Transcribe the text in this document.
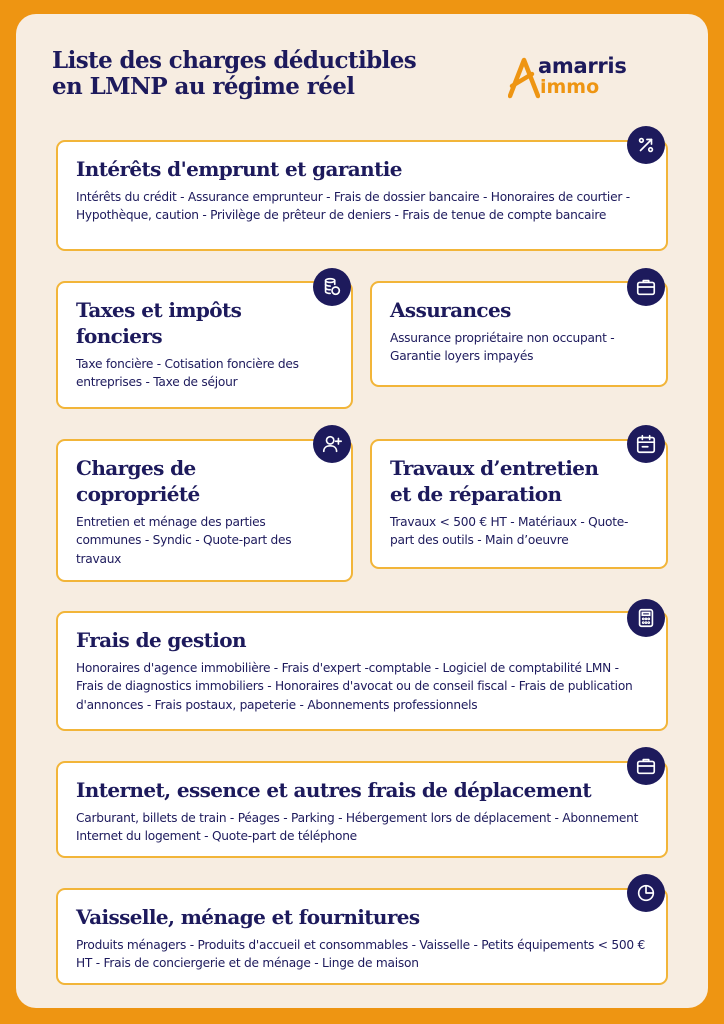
Liste des charges déductibles
en LMNP au régime réel
amarris
immo
Intérêts d'emprunt et garantie

Intérêts du crédit - Assurance emprunteur - Frais de dossier bancaire - Honoraires de courtier - Hypothèque, caution - Privilège de prêteur de deniers - Frais de tenue de compte bancaire

Taxes et impôts
fonciers

Taxe foncière - Cotisation foncière des entreprises - Taxe de séjour

Assurances

Assurance propriétaire non occupant - Garantie loyers impayés

Charges de
copropriété

Entretien et ménage des parties communes - Syndic - Quote-part des travaux

Travaux d’entretien
et de réparation

Travaux < 500 € HT - Matériaux - Quote-part des outils - Main d’oeuvre

Frais de gestion

Honoraires d'agence immobilière - Frais d'expert -comptable - Logiciel de comptabilité LMN - Frais de diagnostics immobiliers - Honoraires d'avocat ou de conseil fiscal - Frais de publication d'annonces - Frais postaux, papeterie - Abonnements professionnels

Internet, essence et autres frais de déplacement

Carburant, billets de train - Péages - Parking - Hébergement lors de déplacement - Abonnement Internet du logement - Quote-part de téléphone

Vaisselle, ménage et fournitures

Produits ménagers - Produits d'accueil et consommables - Vaisselle - Petits équipements < 500 € HT - Frais de conciergerie et de ménage - Linge de maison
